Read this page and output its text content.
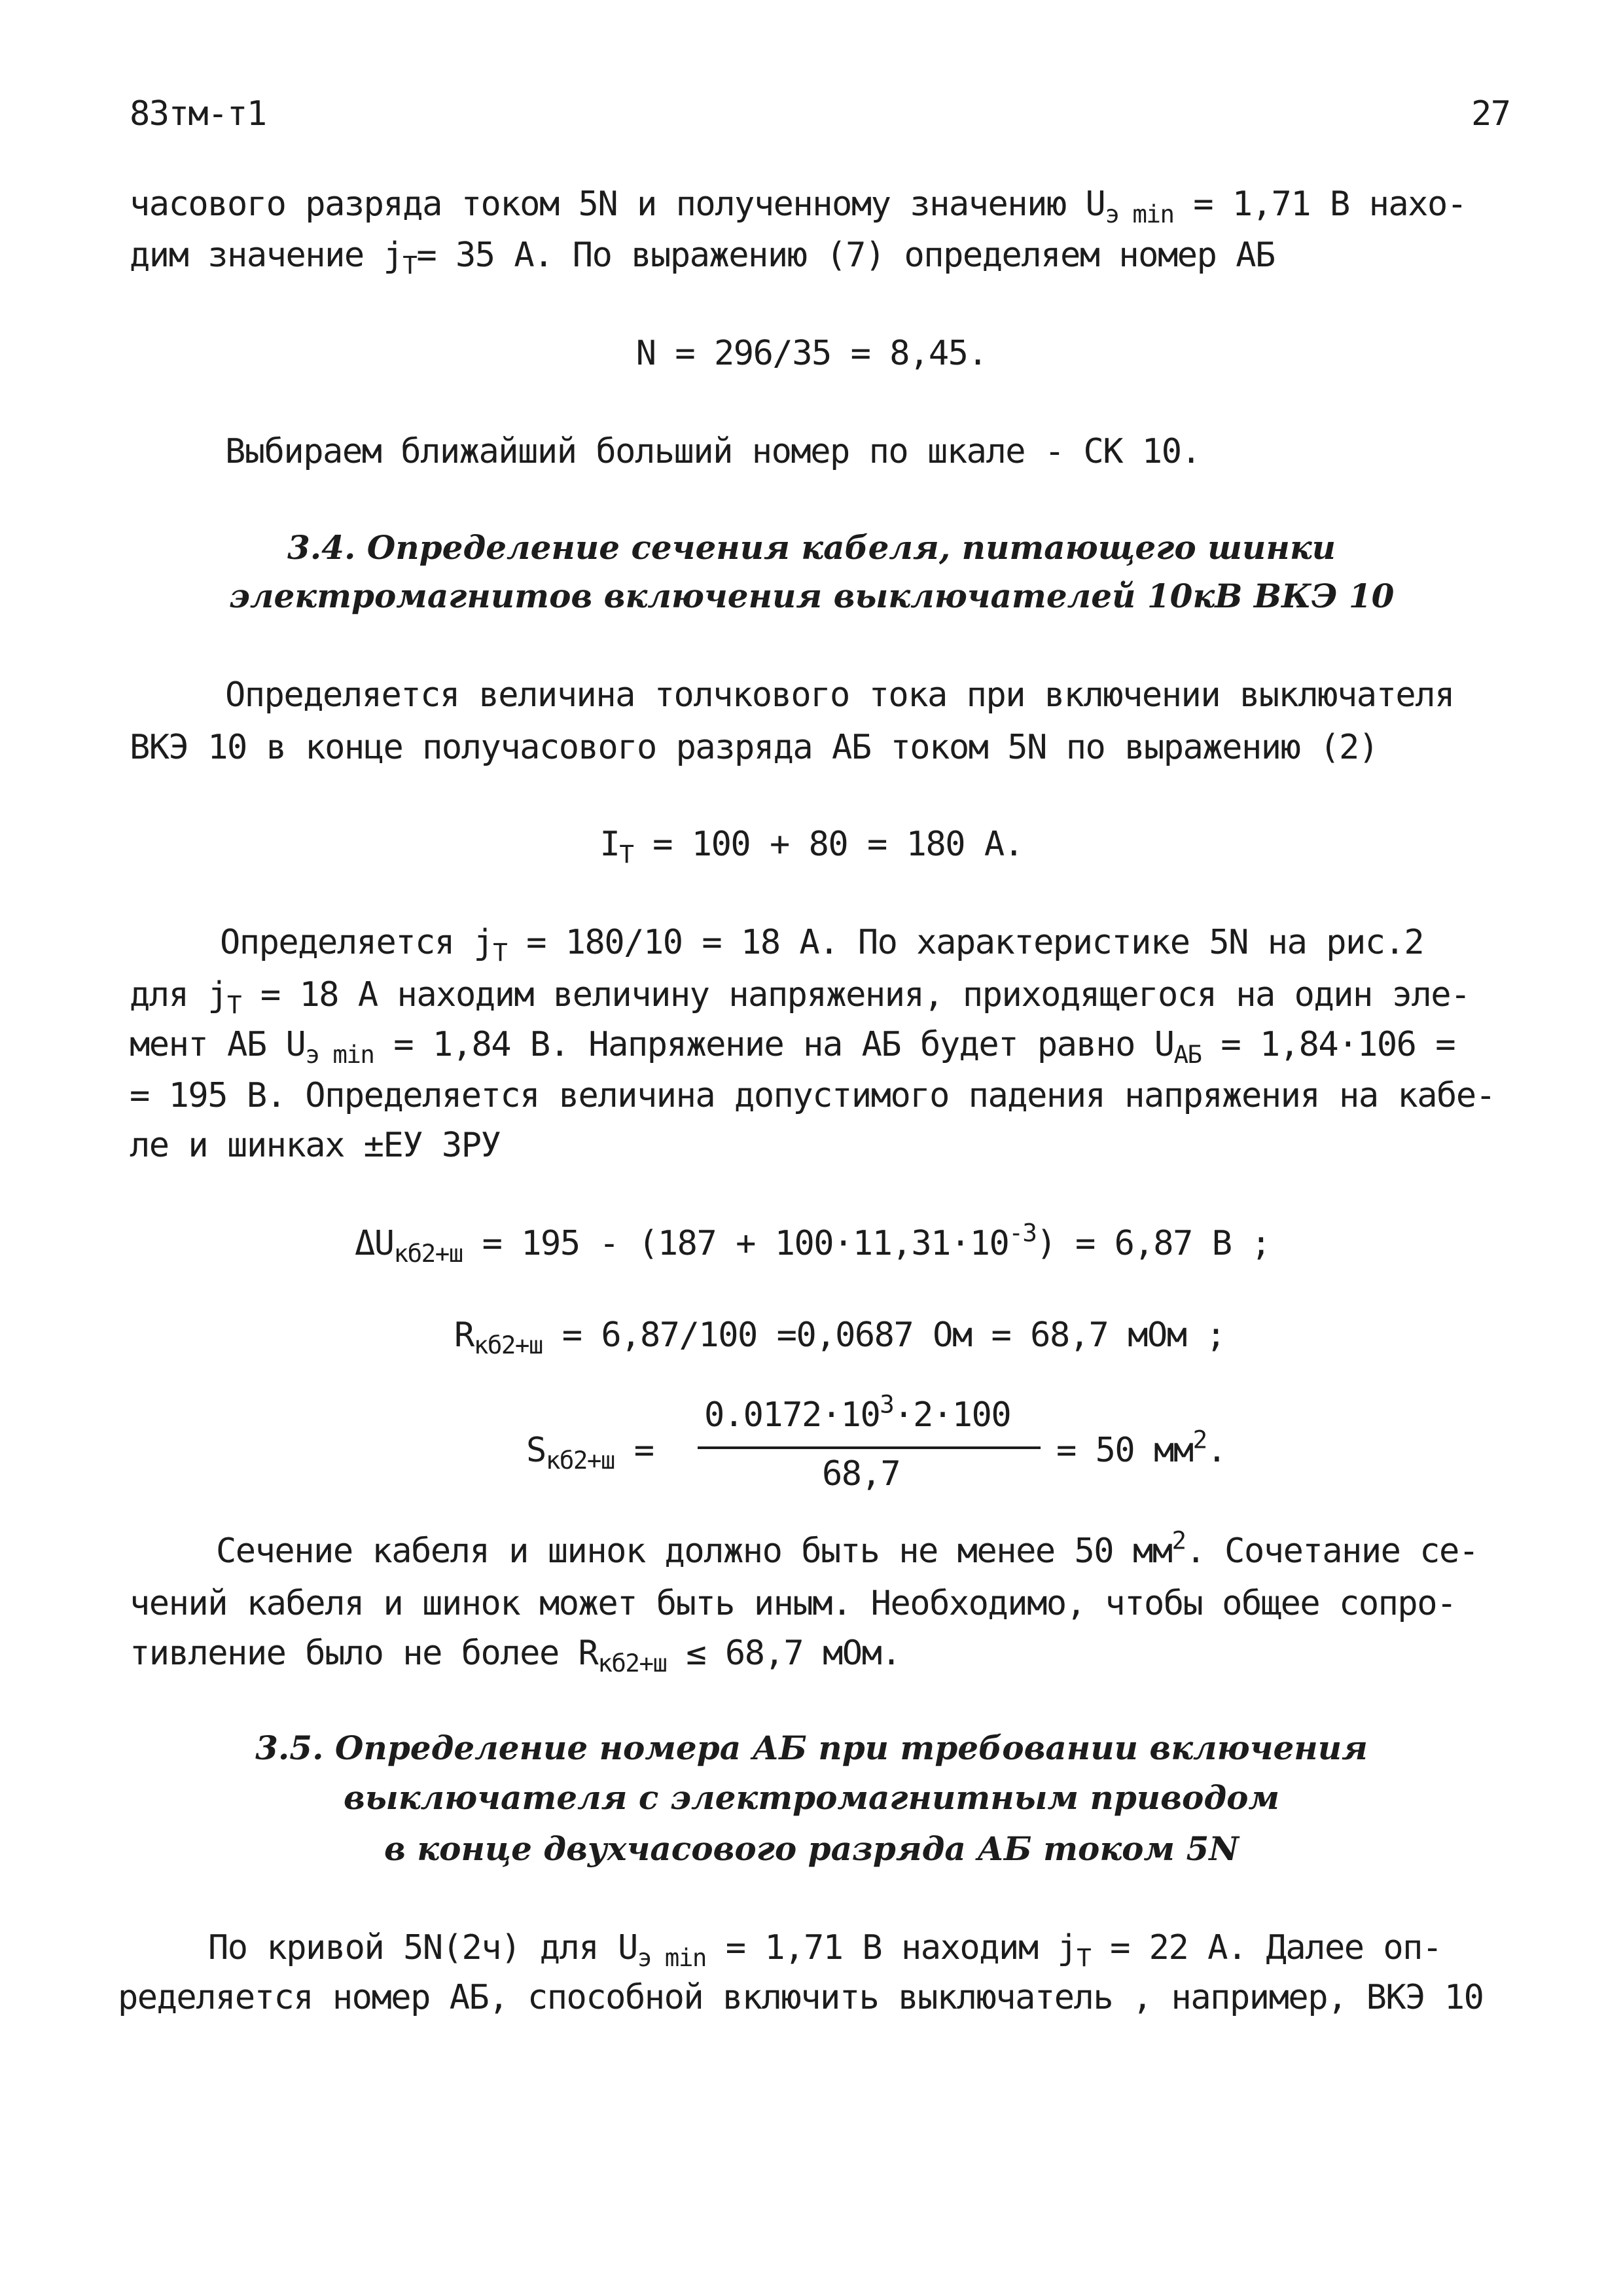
83тм-т1	27
часового разряда током 5N и полученному значению $U_{э min} = 1,71$ В нахо-
дим значение $j_Т= 35$ А. По выражению (7) определяем номер АБ
N = 296/35 = 8,45.
Выбираем ближайший больший номер по шкале - СК 10.
3.4. Определение сечения кабеля, питающего шинки
электромагнитов включения выключателей 10кВ ВКЭ 10
Определяется величина толчкового тока при включении выключателя
ВКЭ 10 в конце получасового разряда АБ током 5N по выражению (2)
$I_Т = 100 + 80 = 180$ А.
Определяется $j_Т = 180/10 = 18$ А. По характеристике 5N на рис.2
для $j_Т = 18$ А находим величину напряжения, приходящегося на один эле-
мент АБ $U_{э min} = 1,84$ В. Напряжение на АБ будет равно $U_{АБ} = 1,84\cdot 106$ =
= 195 В. Определяется величина допустимого падения напряжения на кабе-
ле и шинках ±ЕУ ЗРУ
$\Delta U_{кб2+ш} = 195 - (187 + 100\cdot 11,31\cdot 10^{-3}) = 6,87$ В ;
$R_{кб2+ш} = 6,87/100 =0,0687$ Ом = 68,7 мОм ;
$S_{кб2+ш}$ =
$0.0172\cdot 10^3\cdot 2\cdot 100$
68,7
= 50 $мм^2$.
Сечение кабеля и шинок должно быть не менее 50 $мм^2$. Сочетание се-
чений кабеля и шинок может быть иным. Необходимо, чтобы общее сопро-
тивление было не более $R_{кб2+ш} \le 68,7$ мОм.
3.5. Определение номера АБ при требовании включения
выключателя с электромагнитным приводом
в конце двухчасового разряда АБ током 5N
По кривой 5N(2ч) для $U_{э min} = 1,71$ В находим $j_Т = 22$ А. Далее оп-
ределяется номер АБ, способной включить выключатель , например, ВКЭ 10
